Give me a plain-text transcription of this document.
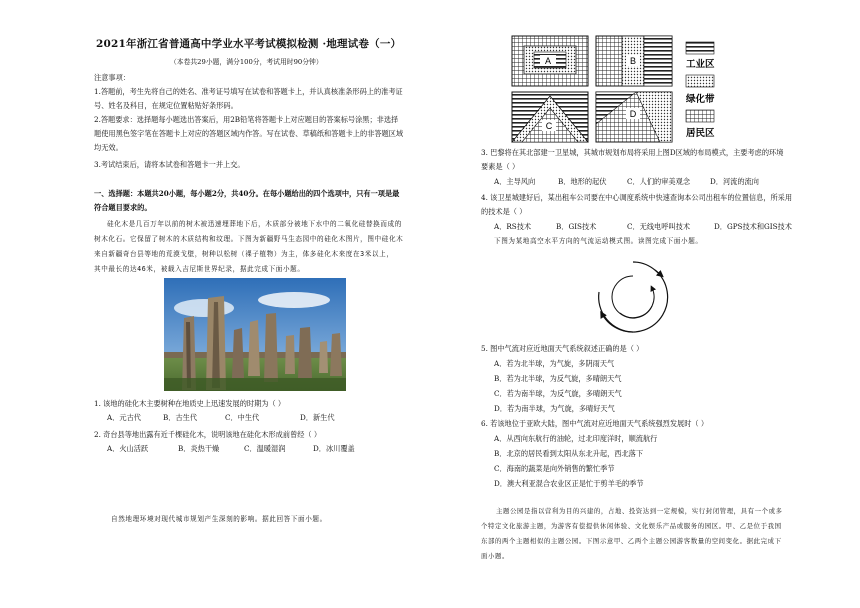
2021年浙江省普通高中学业水平考试模拟检测 ·地理试卷（一）
（本卷共29小题，满分100分，考试用时90分钟）
注意事项：
1.答题前，考生先将自己的姓名、准考证号填写在试卷和答题卡上，并认真核准条形码上的准考证
号、姓名及科目，在规定位置粘贴好条形码。
2.答题要求：选择题每小题选出答案后，用2B铅笔将答题卡上对应题目的答案标号涂黑；非选择
题使用黑色签字笔在答题卡上对应的答题区域内作答。写在试卷、草稿纸和答题卡上的非答题区域
均无效。
3.考试结束后，请将本试卷和答题卡一并上交。
一、选择题：本题共20小题，每小题2分，共40分。在每小题给出的四个选项中，只有一项是最
符合题目要求的。
硅化木是几百万年以前的树木被迅速埋葬地下后，木质部分被地下水中的二氧化硅替换而成的
树木化石。它保留了树木的木质结构和纹理。下图为新疆野马生态园中的硅化木图片，图中硅化木
来自新疆奇台县等地的荒漠戈壁，树种以松树（裸子植物）为主，体多硅化木来度在3米以上，
其中最长的达46米，被载入吉尼斯世界纪录，据此完成下面小题。
1. 该地的硅化木主要树种在地质史上迅速发展的时期为（ ）
A．元古代	B．古生代	C．中生代	D．新生代
2. 奇台县等地出露有近千棵硅化木，说明该地在硅化木形成前曾经（ ）
A．火山活跃	B．炎热干燥	C．温暖湿润	D．冰川覆盖
自然地理环境对现代城市规划产生深刻的影响。据此回答下面小题。
A	B
C
D
工业区
绿化带
居民区
3. 巴黎将在其北部建一卫星城，其城市规划布局将采用上图D区域的布局模式，主要考虑的环境
要素是（ ）
A．主导风向	B．地形的起伏	C．人们的审美观念	D．河流的流向
4. 该卫星城建好后，某出租车公司要在中心调度系统中快速查询本公司出租车的位置信息，所采用
的技术是（ ）
A．RS技术	B．GIS技术	C．无线电呼叫技术	D．GPS技术和GIS技术
下图为某地高空水平方向的气流运动模式图。读图完成下面小题。
5. 图中气流对应近地面天气系统叙述正确的是（ ）
A．若为北半球，为气旋，多阴雨天气
B．若为北半球，为反气旋，多晴朗天气
C．若为南半球，为反气旋，多晴朗天气
D．若为南半球，为气旋，多晴好天气
6. 若该地位于亚欧大陆，图中气流对应近地面天气系统强烈发展时（ ）
A．从西向东航行的油轮，过北印度洋时，顺流航行
B．北京的居民看到太阳从东北升起，西北落下
C．海南的蔬菜是向外销售的繁忙季节
D．澳大利亚混合农业区正是忙于剪羊毛的季节
主题公园是指以营利为目的兴建的，占地、投资达到一定规模，实行封闭管理，具有一个或多
个特定文化旅游主题，为游客有偿提供休闲体验、文化娱乐产品或服务的园区。甲、乙是位于我国
东部的两个主题相似的主题公园。下图示意甲、乙两个主题公园游客数量的空间变化。据此完成下
面小题。
